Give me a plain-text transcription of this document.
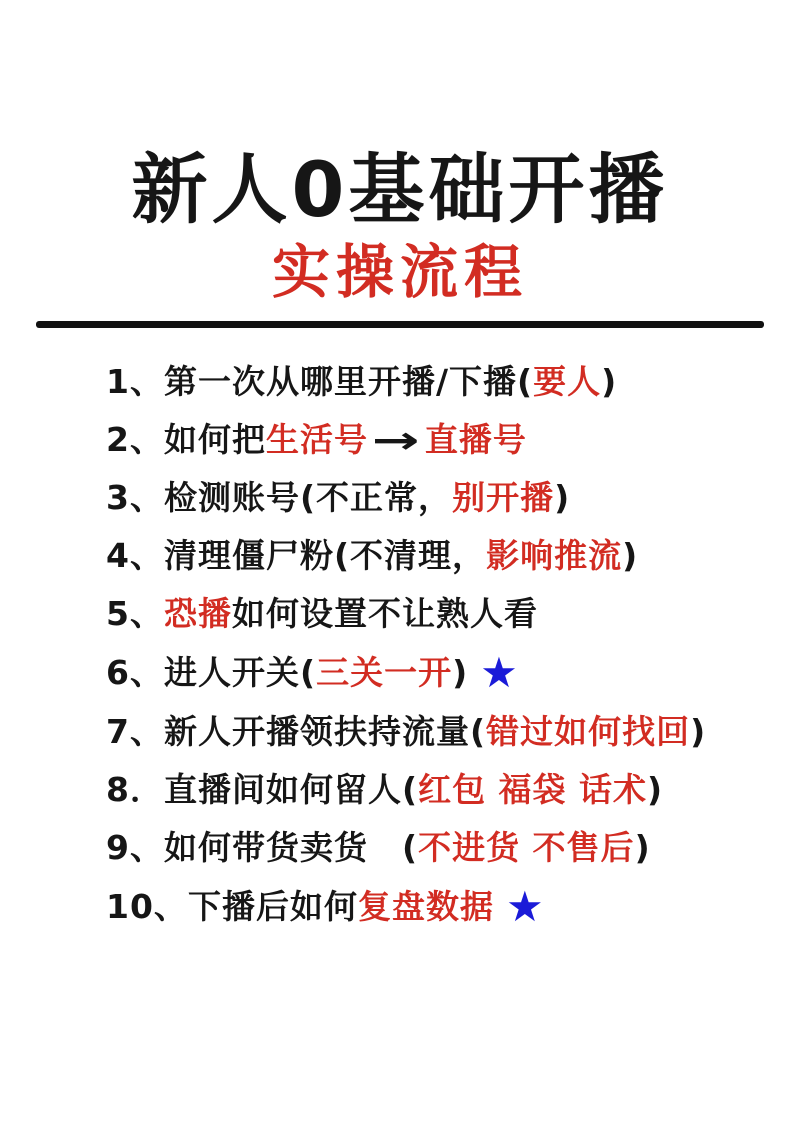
新人0基础开播
实操流程
1、第一次从哪里开播/下播(要人)
2、如何把生活号→ 直播号
3、检测账号(不正常，别开播)
4、清理僵尸粉(不清理，影响推流)
5、恐播如何设置不让熟人看
6、进人开关(三关一开) ★
7、新人开播领扶持流量(错过如何找回)
8．直播间如何留人(红包 福袋 话术)
9、如何带货卖货　(不进货 不售后)
10、下播后如何复盘数据 ★
